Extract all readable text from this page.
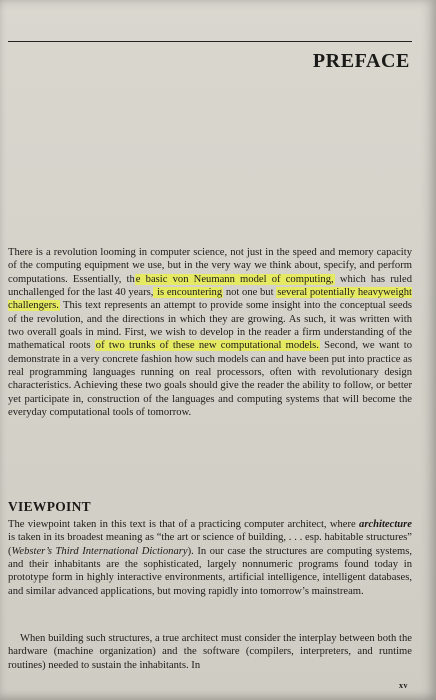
PREFACE
There is a revolution looming in computer science, not just in the speed and memory capacity of the computing equipment we use, but in the very way we think about, specify, and perform computations. Essentially, the basic von Neumann model of computing, which has ruled unchallenged for the last 40 years, is encountering not one but several potentially heavyweight challengers. This text represents an attempt to provide some insight into the conceptual seeds of the revolution, and the directions in which they are growing. As such, it was written with two overall goals in mind. First, we wish to develop in the reader a firm understanding of the mathematical roots of two trunks of these new computational models. Second, we want to demonstrate in a very concrete fashion how such models can and have been put into practice as real programming languages running on real processors, often with revolutionary design characteristics. Achieving these two goals should give the reader the ability to follow, or better yet participate in, construction of the languages and computing systems that will become the everyday computational tools of tomorrow.
VIEWPOINT
The viewpoint taken in this text is that of a practicing computer architect, where architecture is taken in its broadest meaning as “the art or science of building, . . . esp. habitable structures” (Webster’s Third International Dictionary). In our case the structures are computing systems, and their inhabitants are the sophisticated, largely nonnumeric programs found today in prototype form in highly interactive environments, artificial intelligence, intelligent databases, and similar advanced applications, but moving rapidly into tomorrow’s mainstream.
When building such structures, a true architect must consider the interplay between both the hardware (machine organization) and the software (compilers, interpreters, and runtime routines) needed to sustain the inhabitants. In
xv
